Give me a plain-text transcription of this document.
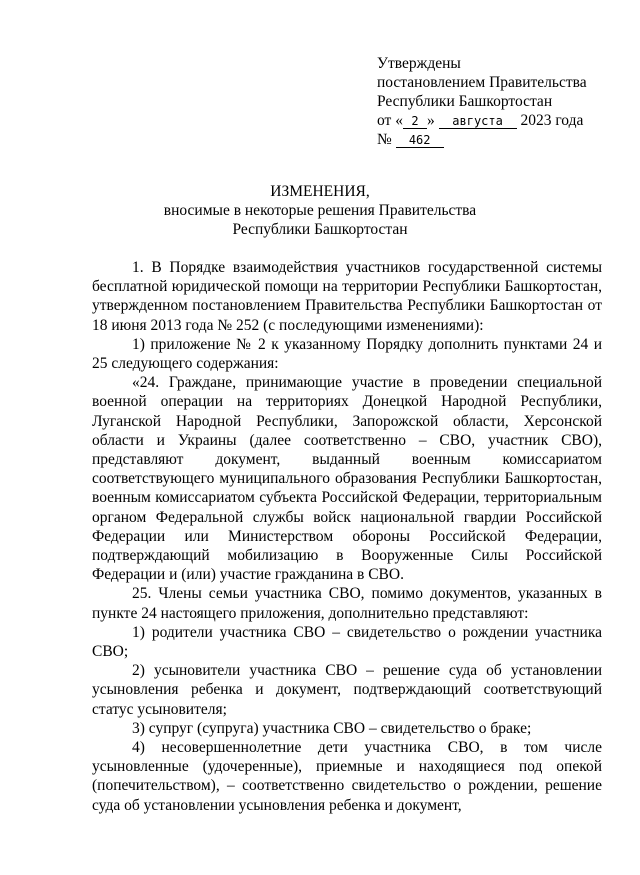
Утверждены
постановлением Правительства
Республики Башкортостан
от « 2 » августа 2023 года
№ 462
ИЗМЕНЕНИЯ,
вносимые в некоторые решения Правительства
Республики Башкортостан

1. В Порядке взаимодействия участников государственной системы бесплатной юридической помощи на территории Республики Башкортостан, утвержденном постановлением Правительства Республики Башкортостан от 18 июня 2013 года № 252 (с последующими изменениями):

1) приложение № 2 к указанному Порядку дополнить пунктами 24 и 25 следующего содержания:

«24. Граждане, принимающие участие в проведении специальной военной операции на территориях Донецкой Народной Республики, Луганской Народной Республики, Запорожской области, Херсонской области и Украины (далее соответственно – СВО, участник СВО), представляют документ, выданный военным комиссариатом соответствующего муниципального образования Республики Башкортостан, военным комиссариатом субъекта Российской Федерации, территориальным органом Федеральной службы войск национальной гвардии Российской Федерации или Министерством обороны Российской Федерации, подтверждающий мобилизацию в Вооруженные Силы Российской Федерации и (или) участие гражданина в СВО.

25. Члены семьи участника СВО, помимо документов, указанных в пункте 24 настоящего приложения, дополнительно представляют:

1) родители участника СВО – свидетельство о рождении участника СВО;

2) усыновители участника СВО – решение суда об установлении усыновления ребенка и документ, подтверждающий соответствующий статус усыновителя;

3) супруг (супруга) участника СВО – свидетельство о браке;

4) несовершеннолетние дети участника СВО, в том числе усыновленные (удочеренные), приемные и находящиеся под опекой (попечительством), – соответственно свидетельство о рождении, решение суда об установлении усыновления ребенка и документ,
